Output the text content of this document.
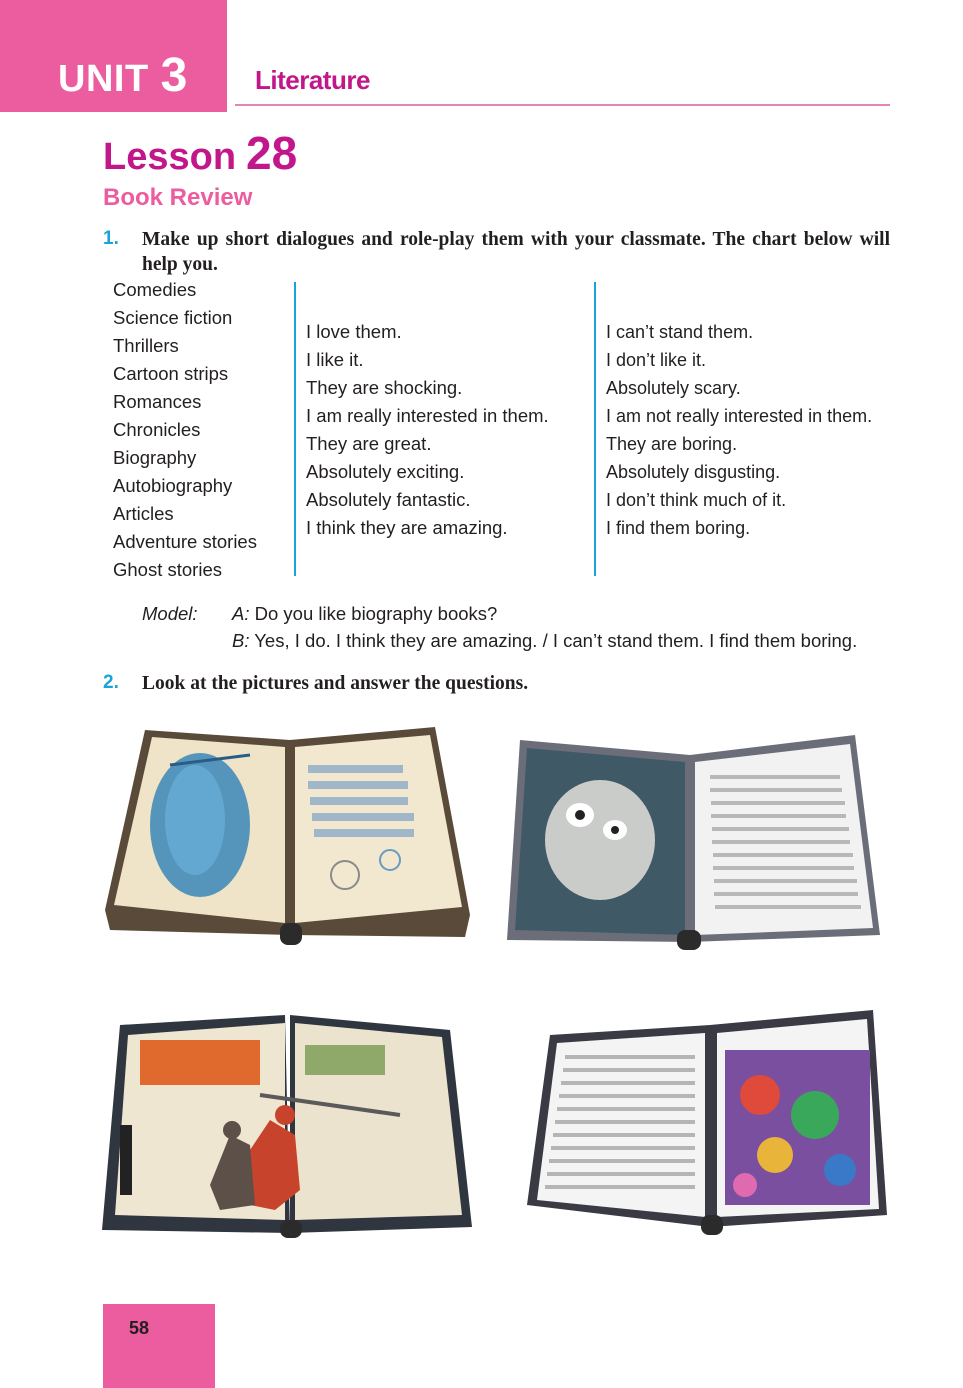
UNIT 3	Literature
Lesson 28
Book Review
1. Make up short dialogues and role-play them with your classmate. The chart below will help you.
Comedies
Science fiction
Thrillers
Cartoon strips
Romances
Chronicles
Biography
Autobiography
Articles
Adventure stories
Ghost stories
I love them.
I like it.
They are shocking.
I am really interested in them.
They are great.
Absolutely exciting.
Absolutely fantastic.
I think they are amazing.
I can’t stand them.
I don’t like it.
Absolutely scary.
I am not really interested in them.
They are boring.
Absolutely disgusting.
I don’t think much of it.
I find them boring.
Model: A: Do you like biography books?
B: Yes, I do. I think they are amazing. / I can’t stand them. I find them boring.
2. Look at the pictures and answer the questions.
58
